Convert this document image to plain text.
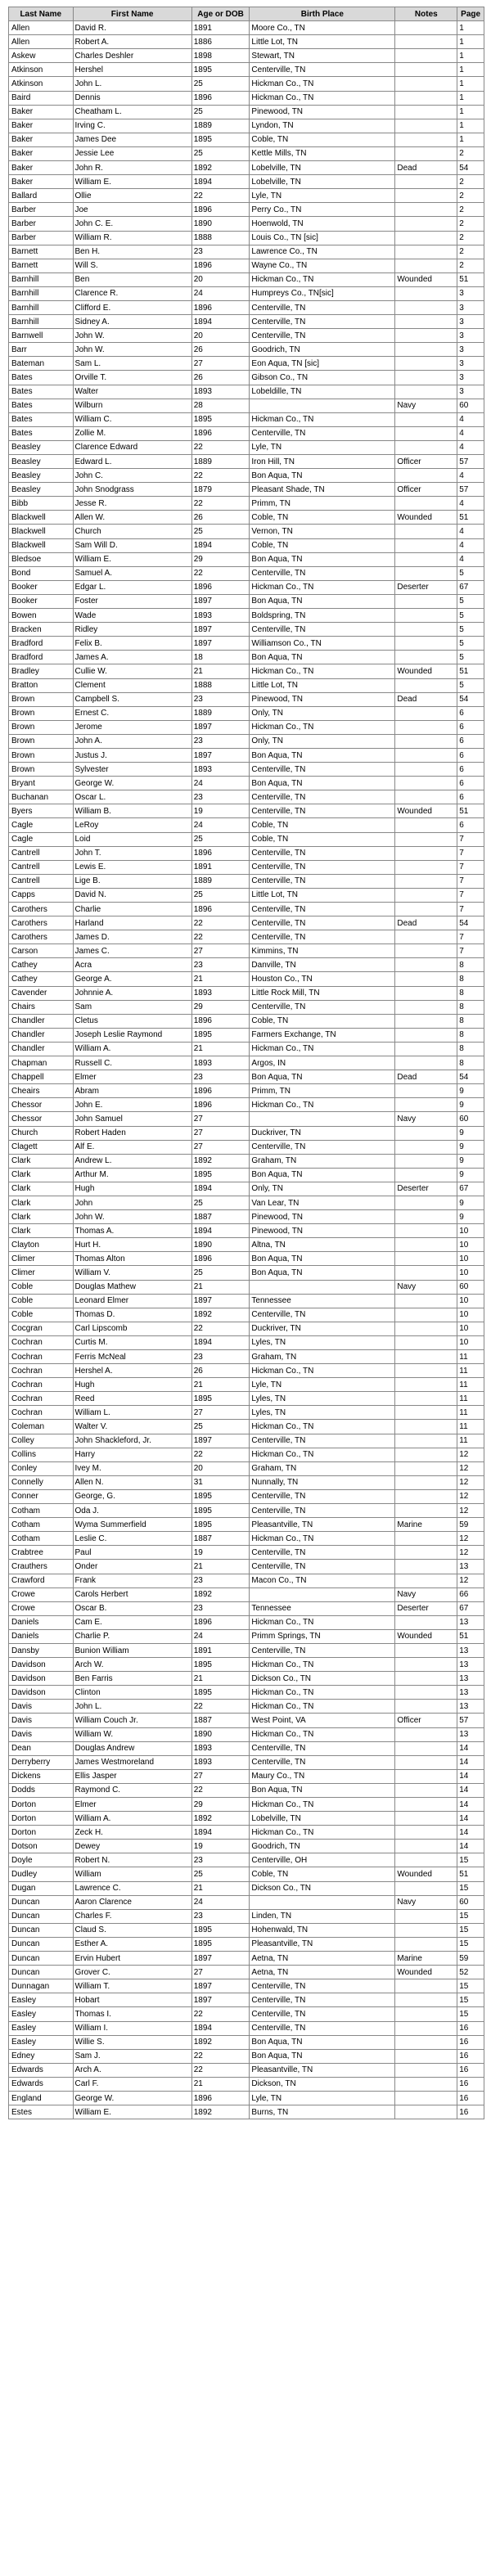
Last Name	First Name	Age or DOB	Birth Place	Notes	Page
Allen	David R.	1891	Moore Co., TN		1
Allen	Robert A.	1886	Little Lot, TN		1
Askew	Charles Deshler	1898	Stewart, TN		1
Atkinson	Hershel	1895	Centerville, TN		1
Atkinson	John L.	25	Hickman Co., TN		1
Baird	Dennis	1896	Hickman Co., TN		1
Baker	Cheatham L.	25	Pinewood, TN		1
Baker	Irving C.	1889	Lyndon, TN		1
Baker	James Dee	1895	Coble, TN		1
Baker	Jessie Lee	25	Kettle Mills, TN		2
Baker	John R.	1892	Lobelville, TN	Dead	54
Baker	William E.	1894	Lobelville, TN		2
Ballard	Ollie	22	Lyle, TN		2
Barber	Joe	1896	Perry Co., TN		2
Barber	John C. E.	1890	Hoenwold, TN		2
Barber	William R.	1888	Louis Co., TN [sic]		2
Barnett	Ben H.	23	Lawrence Co., TN		2
Barnett	Will S.	1896	Wayne Co., TN		2
Barnhill	Ben	20	Hickman Co., TN	Wounded	51
Barnhill	Clarence R.	24	Humpreys Co., TN[sic]		3
Barnhill	Clifford E.	1896	Centerville, TN		3
Barnhill	Sidney A.	1894	Centerville, TN		3
Barnwell	John W.	20	Centerville, TN		3
Barr	John W.	26	Goodrich, TN		3
Bateman	Sam L.	27	Eon Aqua, TN [sic]		3
Bates	Orville T.	26	Gibson Co., TN		3
Bates	Walter	1893	Lobeldille, TN		3
Bates	Wilburn	28		Navy	60
Bates	William C.	1895	Hickman Co., TN		4
Bates	Zollie M.	1896	Centerville, TN		4
Beasley	Clarence Edward	22	Lyle, TN		4
Beasley	Edward L.	1889	Iron Hill, TN	Officer	57
Beasley	John C.	22	Bon Aqua, TN		4
Beasley	John Snodgrass	1879	Pleasant Shade, TN	Officer	57
Bibb	Jesse R.	22	Primm, TN		4
Blackwell	Allen W.	26	Coble, TN	Wounded	51
Blackwell	Church	25	Vernon, TN		4
Blackwell	Sam Will D.	1894	Coble, TN		4
Bledsoe	William E.	29	Bon Aqua, TN		4
Bond	Samuel A.	22	Centerville, TN		5
Booker	Edgar L.	1896	Hickman Co., TN	Deserter	67
Booker	Foster	1897	Bon Aqua, TN		5
Bowen	Wade	1893	Boldspring, TN		5
Bracken	Ridley	1897	Centerville, TN		5
Bradford	Felix B.	1897	Williamson Co., TN		5
Bradford	James A.	18	Bon Aqua, TN		5
Bradley	Cullie W.	21	Hickman Co., TN	Wounded	51
Bratton	Clement	1888	Little Lot, TN		5
Brown	Campbell S.	23	Pinewood, TN	Dead	54
Brown	Ernest C.	1889	Only, TN		6
Brown	Jerome	1897	Hickman Co., TN		6
Brown	John A.	23	Only, TN		6
Brown	Justus J.	1897	Bon Aqua, TN		6
Brown	Sylvester	1893	Centerville, TN		6
Bryant	George W.	24	Bon Aqua, TN		6
Buchanan	Oscar L.	23	Centerville, TN		6
Byers	William B.	19	Centerville, TN	Wounded	51
Cagle	LeRoy	24	Coble, TN		6
Cagle	Loid	25	Coble, TN		7
Cantrell	John T.	1896	Centerville, TN		7
Cantrell	Lewis E.	1891	Centerville, TN		7
Cantrell	Lige B.	1889	Centerville, TN		7
Capps	David N.	25	Little Lot, TN		7
Carothers	Charlie	1896	Centerville, TN		7
Carothers	Harland	22	Centerville, TN	Dead	54
Carothers	James D.	22	Centerville, TN		7
Carson	James C.	27	Kimmins, TN		7
Cathey	Acra	23	Danville, TN		8
Cathey	George A.	21	Houston Co., TN		8
Cavender	Johnnie A.	1893	Little Rock Mill, TN		8
Chairs	Sam	29	Centerville, TN		8
Chandler	Cletus	1896	Coble, TN		8
Chandler	Joseph Leslie Raymond	1895	Farmers Exchange, TN		8
Chandler	William A.	21	Hickman Co., TN		8
Chapman	Russell C.	1893	Argos, IN		8
Chappell	Elmer	23	Bon Aqua, TN	Dead	54
Cheairs	Abram	1896	Primm, TN		9
Chessor	John E.	1896	Hickman Co., TN		9
Chessor	John Samuel	27		Navy	60
Church	Robert Haden	27	Duckriver, TN		9
Clagett	Alf E.	27	Centerville, TN		9
Clark	Andrew L.	1892	Graham, TN		9
Clark	Arthur M.	1895	Bon Aqua, TN		9
Clark	Hugh	1894	Only, TN	Deserter	67
Clark	John	25	Van Lear, TN		9
Clark	John W.	1887	Pinewood, TN		9
Clark	Thomas A.	1894	Pinewood, TN		10
Clayton	Hurt H.	1890	Altna, TN		10
Climer	Thomas Alton	1896	Bon Aqua, TN		10
Climer	William V.	25	Bon Aqua, TN		10
Coble	Douglas Mathew	21		Navy	60
Coble	Leonard Elmer	1897	Tennessee		10
Coble	Thomas D.	1892	Centerville, TN		10
Cocgran	Carl Lipscomb	22	Duckriver, TN		10
Cochran	Curtis M.	1894	Lyles, TN		10
Cochran	Ferris McNeal	23	Graham, TN		11
Cochran	Hershel A.	26	Hickman Co., TN		11
Cochran	Hugh	21	Lyle, TN		11
Cochran	Reed	1895	Lyles, TN		11
Cochran	William L.	27	Lyles, TN		11
Coleman	Walter V.	25	Hickman Co., TN		11
Colley	John Shackleford, Jr.	1897	Centerville, TN		11
Collins	Harry	22	Hickman Co., TN		12
Conley	Ivey M.	20	Graham, TN		12
Connelly	Allen N.	31	Nunnally, TN		12
Conner	George, G.	1895	Centerville, TN		12
Cotham	Oda J.	1895	Centerville, TN		12
Cotham	Wyma Summerfield	1895	Pleasantville, TN	Marine	59
Cotham	Leslie C.	1887	Hickman Co., TN		12
Crabtree	Paul	19	Centerville, TN		12
Crauthers	Onder	21	Centerville, TN		13
Crawford	Frank	23	Macon Co., TN		12
Crowe	Carols Herbert	1892		Navy	66
Crowe	Oscar B.	23	Tennessee	Deserter	67
Daniels	Cam E.	1896	Hickman Co., TN		13
Daniels	Charlie P.	24	Primm Springs, TN	Wounded	51
Dansby	Bunion William	1891	Centerville, TN		13
Davidson	Arch W.	1895	Hickman Co., TN		13
Davidson	Ben Farris	21	Dickson Co., TN		13
Davidson	Clinton	1895	Hickman Co., TN		13
Davis	John L.	22	Hickman Co., TN		13
Davis	William Couch Jr.	1887	West Point, VA	Officer	57
Davis	William W.	1890	Hickman Co., TN		13
Dean	Douglas Andrew	1893	Centerville, TN		14
Derryberry	James Westmoreland	1893	Centerville, TN		14
Dickens	Ellis Jasper	27	Maury Co., TN		14
Dodds	Raymond C.	22	Bon Aqua, TN		14
Dorton	Elmer	29	Hickman Co., TN		14
Dorton	William A.	1892	Lobelville, TN		14
Dorton	Zeck H.	1894	Hickman Co., TN		14
Dotson	Dewey	19	Goodrich, TN		14
Doyle	Robert N.	23	Centerville, OH		15
Dudley	William	25	Coble, TN	Wounded	51
Dugan	Lawrence C.	21	Dickson Co., TN		15
Duncan	Aaron Clarence	24		Navy	60
Duncan	Charles F.	23	Linden, TN		15
Duncan	Claud S.	1895	Hohenwald, TN		15
Duncan	Esther A.	1895	Pleasantville, TN		15
Duncan	Ervin Hubert	1897	Aetna, TN	Marine	59
Duncan	Grover C.	27	Aetna, TN	Wounded	52
Dunnagan	William T.	1897	Centerville, TN		15
Easley	Hobart	1897	Centerville, TN		15
Easley	Thomas I.	22	Centerville, TN		15
Easley	William I.	1894	Centerville, TN		16
Easley	Willie S.	1892	Bon Aqua, TN		16
Edney	Sam J.	22	Bon Aqua, TN		16
Edwards	Arch A.	22	Pleasantville, TN		16
Edwards	Carl F.	21	Dickson, TN		16
England	George W.	1896	Lyle, TN		16
Estes	William E.	1892	Burns, TN		16
